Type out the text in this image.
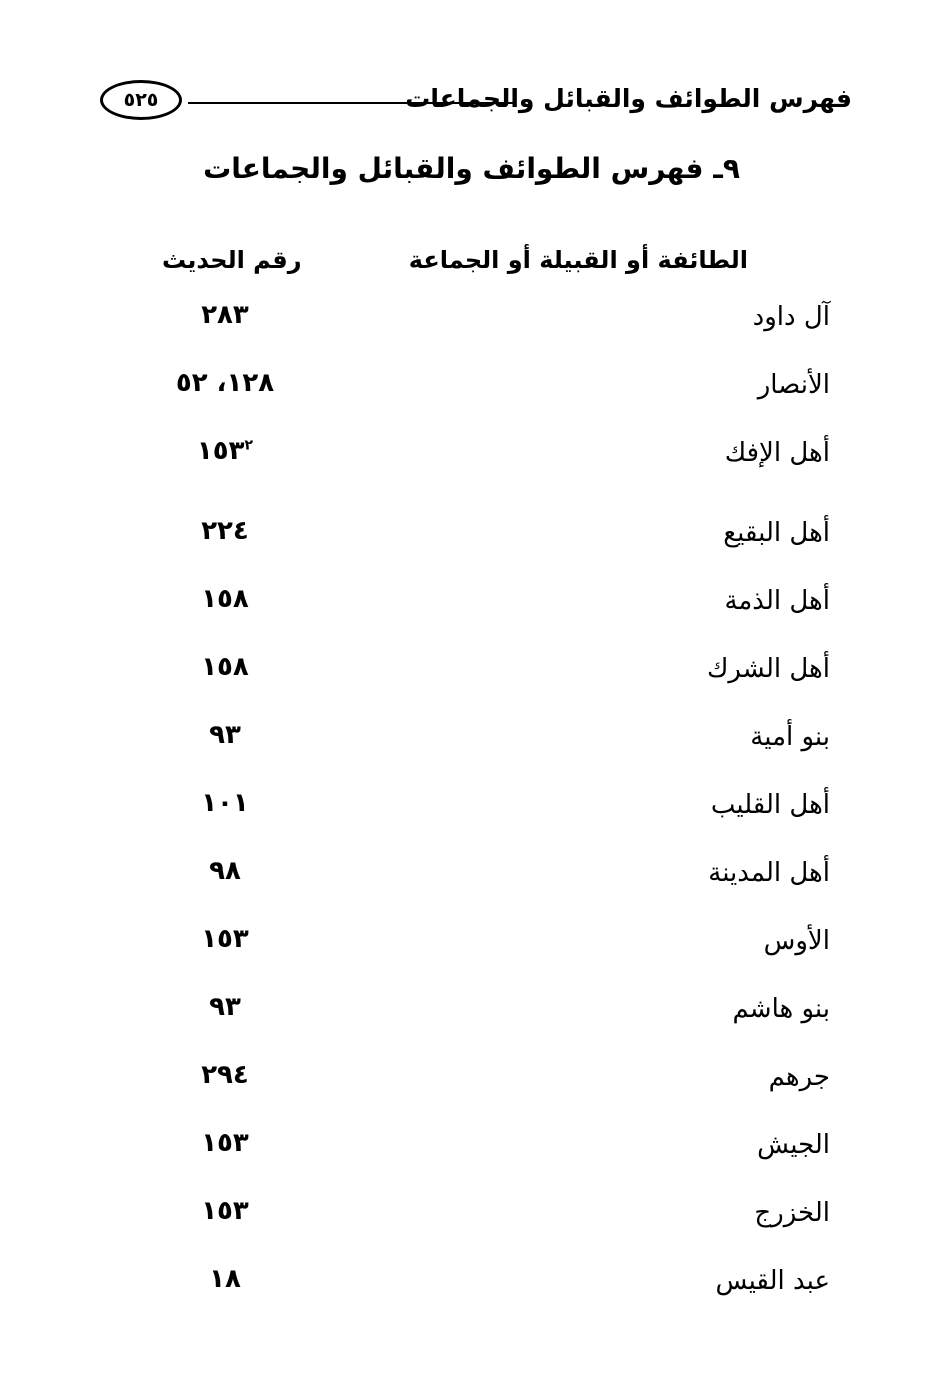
فهرس الطوائف والقبائل والجماعات
٥٢٥
٩ـ فهرس الطوائف والقبائل والجماعات
الطائفة أو القبيلة أو الجماعة
رقم الحديث
آل داود
٢٨٣
الأنصار
١٢٨، ٥٢
أهل الإفك
$١٥٣^٢$
أهل البقيع
٢٢٤
أهل الذمة
١٥٨
أهل الشرك
١٥٨
بنو أمية
٩٣
أهل القليب
١٠١
أهل المدينة
٩٨
الأوس
١٥٣
بنو هاشم
٩٣
جرهم
٢٩٤
الجيش
١٥٣
الخزرج
١٥٣
عبد القيس
١٨
